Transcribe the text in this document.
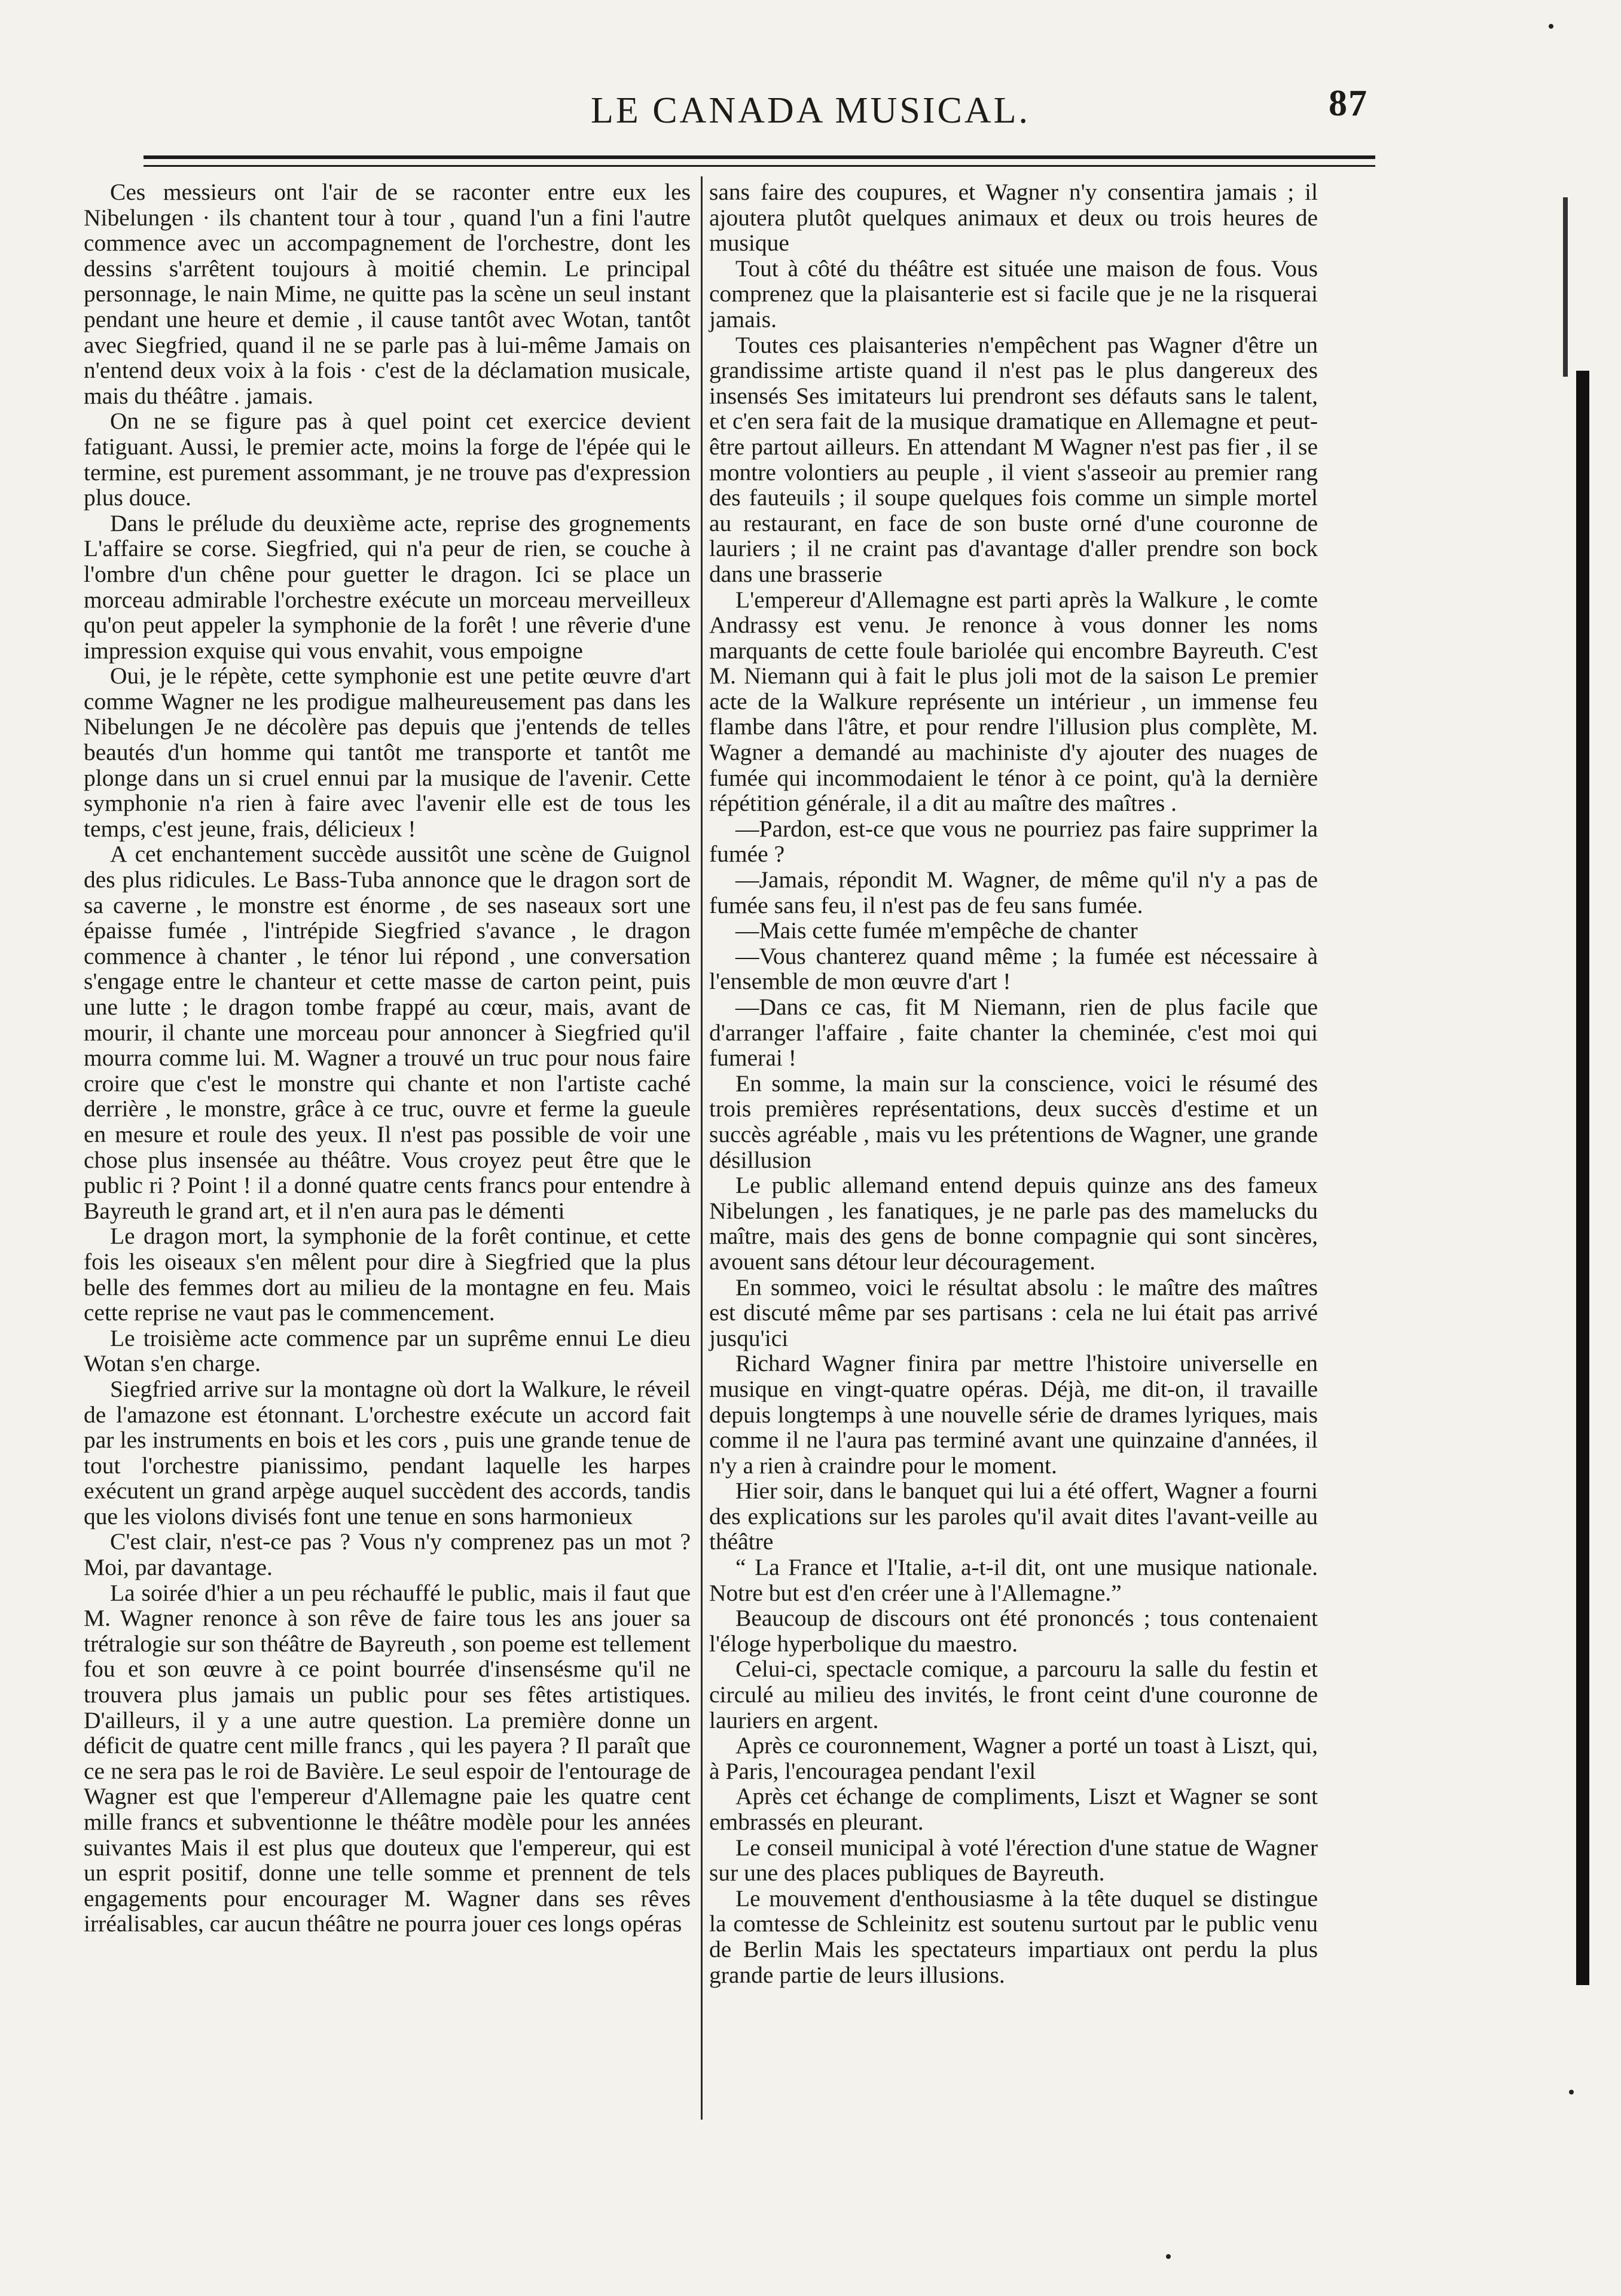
87
LE CANADA MUSICAL.

Ces messieurs ont l'air de se raconter entre eux les Nibelungen · ils chantent tour à tour , quand l'un a fini l'autre commence avec un accompagnement de l'orchestre, dont les dessins s'arrêtent toujours à moitié chemin. Le principal personnage, le nain Mime, ne quitte pas la scène un seul instant pendant une heure et demie , il cause tantôt avec Wotan, tantôt avec Siegfried, quand il ne se parle pas à lui-même Jamais on n'entend deux voix à la fois · c'est de la déclamation musicale, mais du théâtre . jamais.

On ne se figure pas à quel point cet exercice devient fatiguant. Aussi, le premier acte, moins la forge de l'épée qui le termine, est purement assommant, je ne trouve pas d'expression plus douce.

Dans le prélude du deuxième acte, reprise des grognements L'affaire se corse. Siegfried, qui n'a peur de rien, se couche à l'ombre d'un chêne pour guetter le dragon. Ici se place un morceau admirable l'orchestre exécute un morceau merveilleux qu'on peut appeler la symphonie de la forêt ! une rêverie d'une impression exquise qui vous envahit, vous empoigne

Oui, je le répète, cette symphonie est une petite œuvre d'art comme Wagner ne les prodigue malheureusement pas dans les Nibelungen Je ne décolère pas depuis que j'entends de telles beautés d'un homme qui tantôt me transporte et tantôt me plonge dans un si cruel ennui par la musique de l'avenir. Cette symphonie n'a rien à faire avec l'avenir elle est de tous les temps, c'est jeune, frais, délicieux !

A cet enchantement succède aussitôt une scène de Guignol des plus ridicules. Le Bass-Tuba annonce que le dragon sort de sa caverne , le monstre est énorme , de ses naseaux sort une épaisse fumée , l'intrépide Siegfried s'avance , le dragon commence à chanter , le ténor lui répond , une conversation s'engage entre le chanteur et cette masse de carton peint, puis une lutte ; le dragon tombe frappé au cœur, mais, avant de mourir, il chante une morceau pour annoncer à Siegfried qu'il mourra comme lui. M. Wagner a trouvé un truc pour nous faire croire que c'est le monstre qui chante et non l'artiste caché derrière , le monstre, grâce à ce truc, ouvre et ferme la gueule en mesure et roule des yeux. Il n'est pas possible de voir une chose plus insensée au théâtre. Vous croyez peut être que le public ri ? Point ! il a donné quatre cents francs pour entendre à Bayreuth le grand art, et il n'en aura pas le démenti

Le dragon mort, la symphonie de la forêt continue, et cette fois les oiseaux s'en mêlent pour dire à Siegfried que la plus belle des femmes dort au milieu de la montagne en feu. Mais cette reprise ne vaut pas le commencement.

Le troisième acte commence par un suprême ennui Le dieu Wotan s'en charge.

Siegfried arrive sur la montagne où dort la Walkure, le réveil de l'amazone est étonnant. L'orchestre exécute un accord fait par les instruments en bois et les cors , puis une grande tenue de tout l'orchestre pianissimo, pendant laquelle les harpes exécutent un grand arpège auquel succèdent des accords, tandis que les violons divisés font une tenue en sons harmonieux

C'est clair, n'est-ce pas ? Vous n'y comprenez pas un mot ? Moi, par davantage.

La soirée d'hier a un peu réchauffé le public, mais il faut que M. Wagner renonce à son rêve de faire tous les ans jouer sa trétralogie sur son théâtre de Bayreuth , son poeme est tellement fou et son œuvre à ce point bourrée d'insensésme qu'il ne trouvera plus jamais un public pour ses fêtes artistiques. D'ailleurs, il y a une autre question. La première donne un déficit de quatre cent mille francs , qui les payera ? Il paraît que ce ne sera pas le roi de Bavière. Le seul espoir de l'entourage de Wagner est que l'empereur d'Allemagne paie les quatre cent mille francs et subventionne le théâtre modèle pour les années suivantes Mais il est plus que douteux que l'empereur, qui est un esprit positif, donne une telle somme et prennent de tels engagements pour encourager M. Wagner dans ses rêves irréalisables, car aucun théâtre ne pourra jouer ces longs opéras

sans faire des coupures, et Wagner n'y consentira jamais ; il ajoutera plutôt quelques animaux et deux ou trois heures de musique

Tout à côté du théâtre est située une maison de fous. Vous comprenez que la plaisanterie est si facile que je ne la risquerai jamais.

Toutes ces plaisanteries n'empêchent pas Wagner d'être un grandissime artiste quand il n'est pas le plus dangereux des insensés Ses imitateurs lui prendront ses défauts sans le talent, et c'en sera fait de la musique dramatique en Allemagne et peut-être partout ailleurs. En attendant M Wagner n'est pas fier , il se montre volontiers au peuple , il vient s'asseoir au premier rang des fauteuils ; il soupe quelques fois comme un simple mortel au restaurant, en face de son buste orné d'une couronne de lauriers ; il ne craint pas d'avantage d'aller prendre son bock dans une brasserie

L'empereur d'Allemagne est parti après la Walkure , le comte Andrassy est venu. Je renonce à vous donner les noms marquants de cette foule bariolée qui encombre Bayreuth. C'est M. Niemann qui à fait le plus joli mot de la saison Le premier acte de la Walkure représente un intérieur , un immense feu flambe dans l'âtre, et pour rendre l'illusion plus complète, M. Wagner a demandé au machiniste d'y ajouter des nuages de fumée qui incommodaient le ténor à ce point, qu'à la dernière répétition générale, il a dit au maître des maîtres .

—Pardon, est-ce que vous ne pourriez pas faire supprimer la fumée ?

—Jamais, répondit M. Wagner, de même qu'il n'y a pas de fumée sans feu, il n'est pas de feu sans fumée.

—Mais cette fumée m'empêche de chanter

—Vous chanterez quand même ; la fumée est nécessaire à l'ensemble de mon œuvre d'art !

—Dans ce cas, fit M Niemann, rien de plus facile que d'arranger l'affaire , faite chanter la cheminée, c'est moi qui fumerai !

En somme, la main sur la conscience, voici le résumé des trois premières représentations, deux succès d'estime et un succès agréable , mais vu les prétentions de Wagner, une grande désillusion

Le public allemand entend depuis quinze ans des fameux Nibelungen , les fanatiques, je ne parle pas des mamelucks du maître, mais des gens de bonne compagnie qui sont sincères, avouent sans détour leur découragement.

En sommeo, voici le résultat absolu : le maître des maîtres est discuté même par ses partisans : cela ne lui était pas arrivé jusqu'ici

Richard Wagner finira par mettre l'histoire universelle en musique en vingt-quatre opéras. Déjà, me dit-on, il travaille depuis longtemps à une nouvelle série de drames lyriques, mais comme il ne l'aura pas terminé avant une quinzaine d'années, il n'y a rien à craindre pour le moment.

Hier soir, dans le banquet qui lui a été offert, Wagner a fourni des explications sur les paroles qu'il avait dites l'avant-veille au théâtre

“ La France et l'Italie, a-t-il dit, ont une musique nationale. Notre but est d'en créer une à l'Allemagne.”

Beaucoup de discours ont été prononcés ; tous contenaient l'éloge hyperbolique du maestro.

Celui-ci, spectacle comique, a parcouru la salle du festin et circulé au milieu des invités, le front ceint d'une couronne de lauriers en argent.

Après ce couronnement, Wagner a porté un toast à Liszt, qui, à Paris, l'encouragea pendant l'exil

Après cet échange de compliments, Liszt et Wagner se sont embrassés en pleurant.

Le conseil municipal à voté l'érection d'une statue de Wagner sur une des places publiques de Bayreuth.

Le mouvement d'enthousiasme à la tête duquel se distingue la comtesse de Schleinitz est soutenu surtout par le public venu de Berlin Mais les spectateurs impartiaux ont perdu la plus grande partie de leurs illusions.
